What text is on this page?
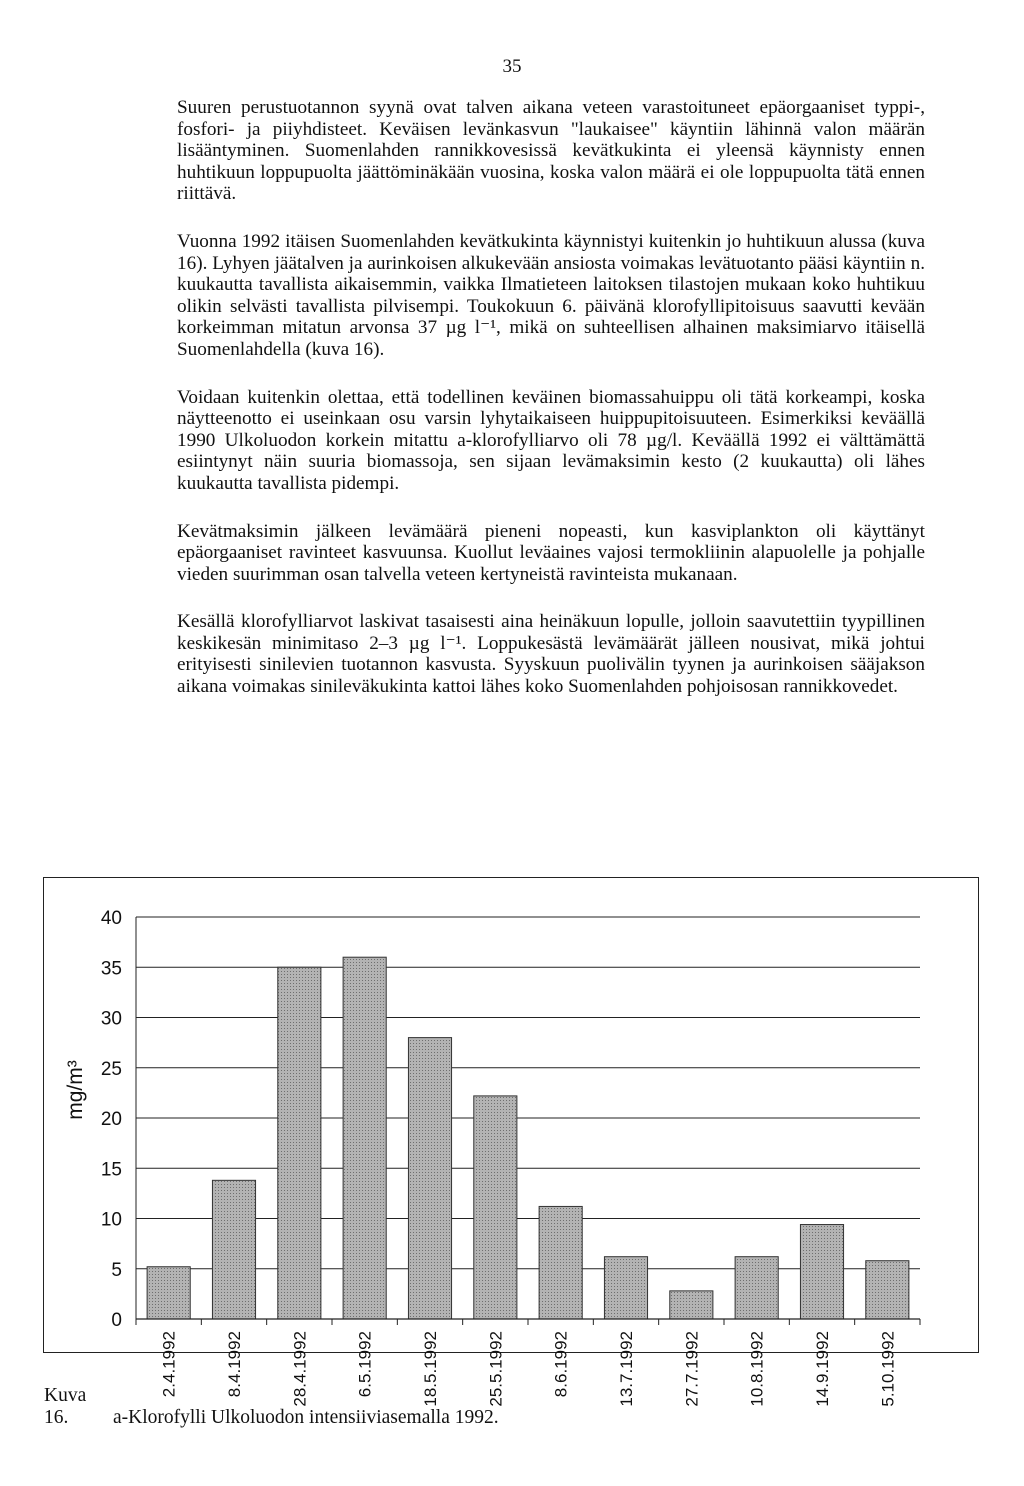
35

Suuren perustuotannon syynä ovat talven aikana veteen varastoituneet epäorgaaniset typpi-, fosfori- ja piiyhdisteet. Keväisen levänkasvun "laukaisee" käyntiin lähinnä valon määrän lisääntyminen. Suomenlahden rannikkovesissä kevätkukinta ei yleensä käynnisty ennen huhtikuun loppupuolta jäättöminäkään vuosina, koska valon määrä ei ole loppupuolta tätä ennen riittävä.

Vuonna 1992 itäisen Suomenlahden kevätkukinta käynnistyi kuitenkin jo huhtikuun alussa (kuva 16). Lyhyen jäätalven ja aurinkoisen alkukevään ansiosta voimakas levätuotanto pääsi käyntiin n. kuukautta tavallista aikaisemmin, vaikka Ilmatieteen laitoksen tilastojen mukaan koko huhtikuu olikin selvästi tavallista pilvisempi. Toukokuun 6. päivänä klorofyllipitoisuus saavutti kevään korkeimman mitatun arvonsa 37 µg l⁻¹, mikä on suhteellisen alhainen maksimiarvo itäisellä Suomenlahdella (kuva 16).

Voidaan kuitenkin olettaa, että todellinen keväinen biomassahuippu oli tätä korkeampi, koska näytteenotto ei useinkaan osu varsin lyhytaikaiseen huippupitoisuuteen. Esimerkiksi keväällä 1990 Ulkoluodon korkein mitattu a-klorofylliarvo oli 78 µg/l. Keväällä 1992 ei välttämättä esiintynyt näin suuria biomassoja, sen sijaan levämaksimin kesto (2 kuukautta) oli lähes kuukautta tavallista pidempi.

Kevätmaksimin jälkeen levämäärä pieneni nopeasti, kun kasviplankton oli käyttänyt epäorgaaniset ravinteet kasvuunsa. Kuollut leväaines vajosi termokliinin alapuolelle ja pohjalle vieden suurimman osan talvella veteen kertyneistä ravinteista mukanaan.

Kesällä klorofylliarvot laskivat tasaisesti aina heinäkuun lopulle, jolloin saavutettiin tyypillinen keskikesän minimitaso 2–3 µg l⁻¹. Loppukesästä levämäärät jälleen nousivat, mikä johtui erityisesti sinilevien tuotannon kasvusta. Syyskuun puolivälin tyynen ja aurinkoisen sääjakson aikana voimakas sinileväkukinta kattoi lähes koko Suomenlahden pohjoisosan rannikkovedet.

0
5
10
15
20
25
30
35
40
mg/m³
2.4.1992	8.4.1992	28.4.1992	6.5.1992	18.5.1992	25.5.1992	8.6.1992	13.7.1992	27.7.1992	10.8.1992	14.9.1992	5.10.1992
Kuva 16. a-Klorofylli Ulkoluodon intensiiviasemalla 1992.
